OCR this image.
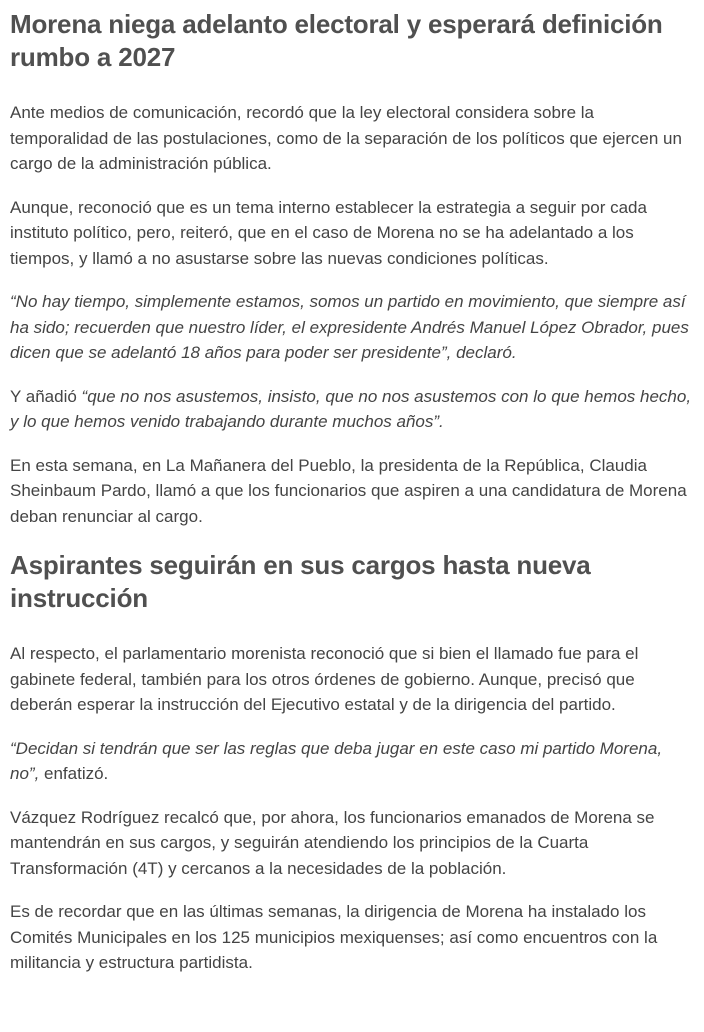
Morena niega adelanto electoral y esperará definición rumbo a 2027

Ante medios de comunicación, recordó que la ley electoral considera sobre la temporalidad de las postulaciones, como de la separación de los políticos que ejercen un cargo de la administración pública.

Aunque, reconoció que es un tema interno establecer la estrategia a seguir por cada instituto político, pero, reiteró, que en el caso de Morena no se ha adelantado a los tiempos, y llamó a no asustarse sobre las nuevas condiciones políticas.

“No hay tiempo, simplemente estamos, somos un partido en movimiento, que siempre así ha sido; recuerden que nuestro líder, el expresidente Andrés Manuel López Obrador, pues dicen que se adelantó 18 años para poder ser presidente”, declaró.

Y añadió “que no nos asustemos, insisto, que no nos asustemos con lo que hemos hecho, y lo que hemos venido trabajando durante muchos años”.

En esta semana, en La Mañanera del Pueblo, la presidenta de la República, Claudia Sheinbaum Pardo, llamó a que los funcionarios que aspiren a una candidatura de Morena deban renunciar al cargo.

Aspirantes seguirán en sus cargos hasta nueva instrucción

Al respecto, el parlamentario morenista reconoció que si bien el llamado fue para el gabinete federal, también para los otros órdenes de gobierno. Aunque, precisó que deberán esperar la instrucción del Ejecutivo estatal y de la dirigencia del partido.

“Decidan si tendrán que ser las reglas que deba jugar en este caso mi partido Morena, no”, enfatizó.

Vázquez Rodríguez recalcó que, por ahora, los funcionarios emanados de Morena se mantendrán en sus cargos, y seguirán atendiendo los principios de la Cuarta Transformación (4T) y cercanos a la necesidades de la población.

Es de recordar que en las últimas semanas, la dirigencia de Morena ha instalado los Comités Municipales en los 125 municipios mexiquenses; así como encuentros con la militancia y estructura partidista.
